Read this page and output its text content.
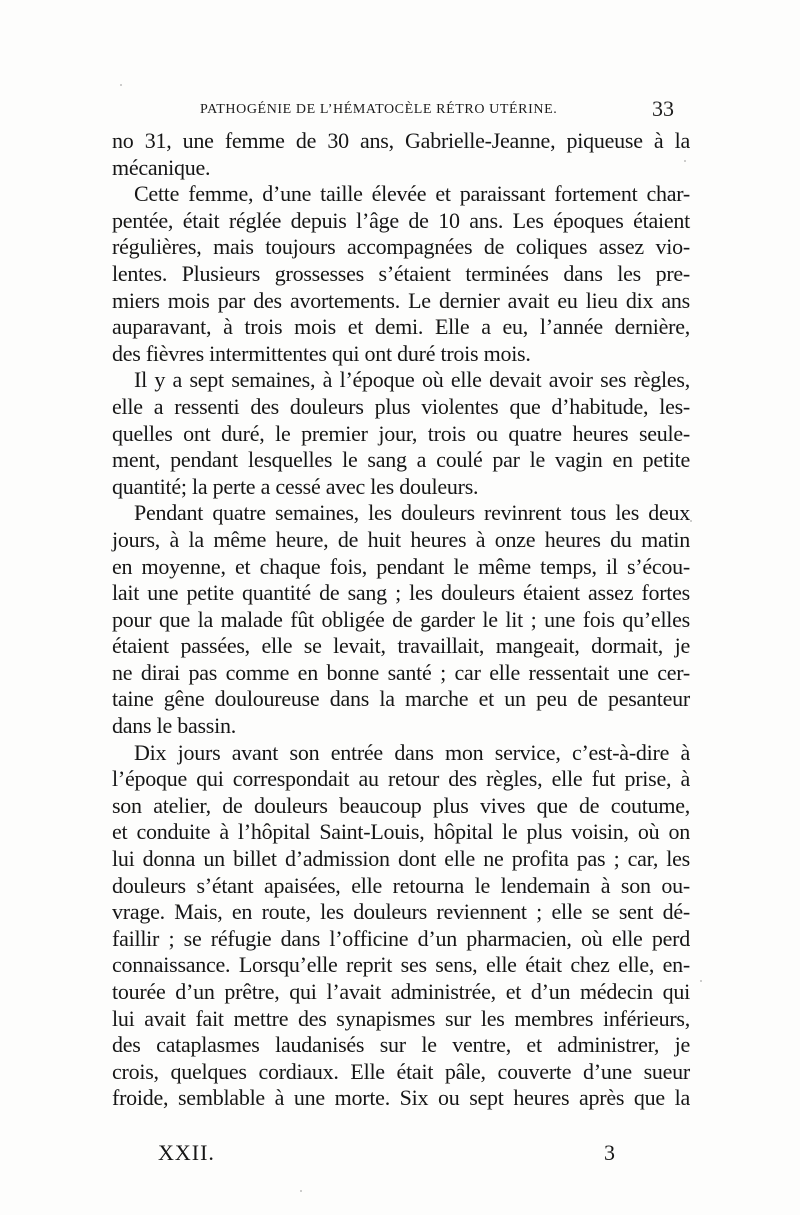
PATHOGÉNIE DE L’HÉMATOCÈLE RÉTRO UTÉRINE.	33
no 31, une femme de 30 ans, Gabrielle-Jeanne, piqueuse à la
mécanique.
Cette femme, d’une taille élevée et paraissant fortement char-
pentée, était réglée depuis l’âge de 10 ans. Les époques étaient
régulières, mais toujours accompagnées de coliques assez vio-
lentes. Plusieurs grossesses s’étaient terminées dans les pre-
miers mois par des avortements. Le dernier avait eu lieu dix ans
auparavant, à trois mois et demi. Elle a eu, l’année dernière,
des fièvres intermittentes qui ont duré trois mois.
Il y a sept semaines, à l’époque où elle devait avoir ses règles,
elle a ressenti des douleurs plus violentes que d’habitude, les-
quelles ont duré, le premier jour, trois ou quatre heures seule-
ment, pendant lesquelles le sang a coulé par le vagin en petite
quantité; la perte a cessé avec les douleurs.
Pendant quatre semaines, les douleurs revinrent tous les deux
jours, à la même heure, de huit heures à onze heures du matin
en moyenne, et chaque fois, pendant le même temps, il s’écou-
lait une petite quantité de sang ; les douleurs étaient assez fortes
pour que la malade fût obligée de garder le lit ; une fois qu’elles
étaient passées, elle se levait, travaillait, mangeait, dormait, je
ne dirai pas comme en bonne santé ; car elle ressentait une cer-
taine gêne douloureuse dans la marche et un peu de pesanteur
dans le bassin.
Dix jours avant son entrée dans mon service, c’est-à-dire à
l’époque qui correspondait au retour des règles, elle fut prise, à
son atelier, de douleurs beaucoup plus vives que de coutume,
et conduite à l’hôpital Saint-Louis, hôpital le plus voisin, où on
lui donna un billet d’admission dont elle ne profita pas ; car, les
douleurs s’étant apaisées, elle retourna le lendemain à son ou-
vrage. Mais, en route, les douleurs reviennent ; elle se sent dé-
faillir ; se réfugie dans l’officine d’un pharmacien, où elle perd
connaissance. Lorsqu’elle reprit ses sens, elle était chez elle, en-
tourée d’un prêtre, qui l’avait administrée, et d’un médecin qui
lui avait fait mettre des synapismes sur les membres inférieurs,
des cataplasmes laudanisés sur le ventre, et administrer, je
crois, quelques cordiaux. Elle était pâle, couverte d’une sueur
froide, semblable à une morte. Six ou sept heures après que la
XXII.	3
